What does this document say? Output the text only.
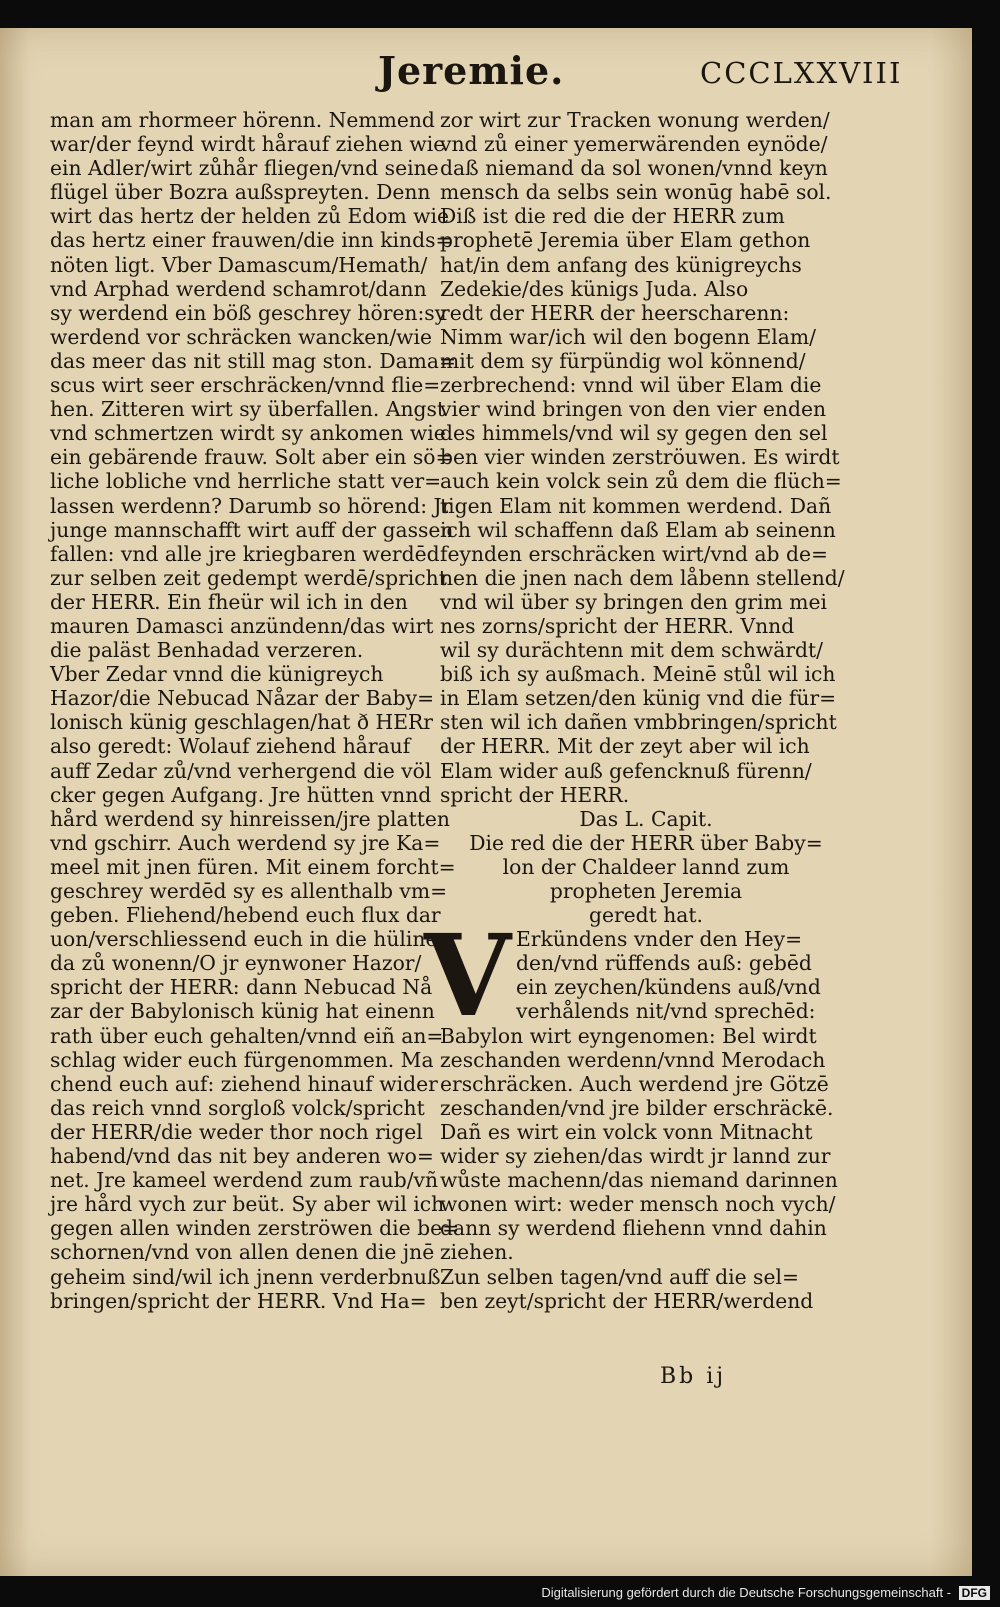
Jeremie.	CCCLXXVIII

man am rhormeer hörenn. Nemmend

war/der feynd wirdt hårauf ziehen wie

ein Adler/wirt zůhår fliegen/vnd seine

flügel über Bozra außspreyten. Denn

wirt das hertz der helden zů Edom wie

das hertz einer frauwen/die inn kinds=

nöten ligt. Vber Damascum/Hemath/

vnd Arphad werdend schamrot/dann

sy werdend ein böß geschrey hören:sy

werdend vor schräcken wancken/wie

das meer das nit still mag ston. Dama=

scus wirt seer erschräcken/vnnd flie=

hen. Zitteren wirt sy überfallen. Angst

vnd schmertzen wirdt sy ankomen wie

ein gebärende frauw. Solt aber ein sö=

liche lobliche vnd herrliche statt ver=

lassen werdenn? Darumb so hörend: Jr

junge mannschafft wirt auff der gassen

fallen: vnd alle jre kriegbaren werdēd

zur selben zeit gedempt werdē/spricht

der HERR. Ein fheür wil ich in den

mauren Damasci anzündenn/das wirt

die paläst Benhadad verzeren.

Vber Zedar vnnd die künigreych

Hazor/die Nebucad Nåzar der Baby=

lonisch künig geschlagen/hat ð HERr

also geredt: Wolauf ziehend hårauf

auff Zedar zů/vnd verhergend die völ

cker gegen Aufgang. Jre hütten vnnd

hård werdend sy hinreissen/jre platten

vnd gschirr. Auch werdend sy jre Ka=

meel mit jnen füren. Mit einem forcht=

geschrey werdēd sy es allenthalb vm=

geben. Fliehend/hebend euch flux dar

uon/verschliessend euch in die hülinen

da zů wonenn/O jr eynwoner Hazor/

spricht der HERR: dann Nebucad Nå

zar der Babylonisch künig hat einenn

rath über euch gehalten/vnnd eiñ an=

schlag wider euch fürgenommen. Ma

chend euch auf: ziehend hinauf wider

das reich vnnd sorgloß volck/spricht

der HERR/die weder thor noch rigel

habend/vnd das nit bey anderen wo=

net. Jre kameel werdend zum raub/vñ

jre hård vych zur beüt. Sy aber wil ich

gegen allen winden zerströwen die be=

schornen/vnd von allen denen die jnē

geheim sind/wil ich jnenn verderbnuß

bringen/spricht der HERR. Vnd Ha=

zor wirt zur Tracken wonung werden/

vnd zů einer yemerwärenden eynöde/

daß niemand da sol wonen/vnnd keyn

mensch da selbs sein wonūg habē sol.

Diß ist die red die der HERR zum

prophetē Jeremia über Elam gethon

hat/in dem anfang des künigreychs

Zedekie/des künigs Juda. Also

redt der HERR der heerscharenn:

Nimm war/ich wil den bogenn Elam/

mit dem sy fürpündig wol könnend/

zerbrechend: vnnd wil über Elam die

vier wind bringen von den vier enden

des himmels/vnd wil sy gegen den sel

ben vier winden zerströuwen. Es wirdt

auch kein volck sein zů dem die flüch=

tigen Elam nit kommen werdend. Dañ

ich wil schaffenn daß Elam ab seinenn

feynden erschräcken wirt/vnd ab de=

nen die jnen nach dem låbenn stellend/

vnd wil über sy bringen den grim mei

nes zorns/spricht der HERR. Vnnd

wil sy durächtenn mit dem schwärdt/

biß ich sy außmach. Meinē stůl wil ich

in Elam setzen/den künig vnd die für=

sten wil ich dañen vmbbringen/spricht

der HERR. Mit der zeyt aber wil ich

Elam wider auß gefencknuß fürenn/

spricht der HERR.

Das L. Capit.

Die red die der HERR über Baby=

lon der Chaldeer lannd zum

propheten Jeremia

geredt hat.

V Erkündens vnder den Hey=

den/vnd rüffends auß: gebēd

ein zeychen/kündens auß/vnd

verhålends nit/vnd sprechēd:

Babylon wirt eyngenomen: Bel wirdt

zeschanden werdenn/vnnd Merodach

erschräcken. Auch werdend jre Götzē

zeschanden/vnd jre bilder erschräckē.

Dañ es wirt ein volck vonn Mitnacht

wider sy ziehen/das wirdt jr lannd zur

wůste machenn/das niemand darinnen

wonen wirt: weder mensch noch vych/

dann sy werdend fliehenn vnnd dahin

ziehen.

Zun selben tagen/vnd auff die sel=

ben zeyt/spricht der HERR/werdend

Bb ij
Digitalisierung gefördert durch die Deutsche Forschungsgemeinschaft - DFG
